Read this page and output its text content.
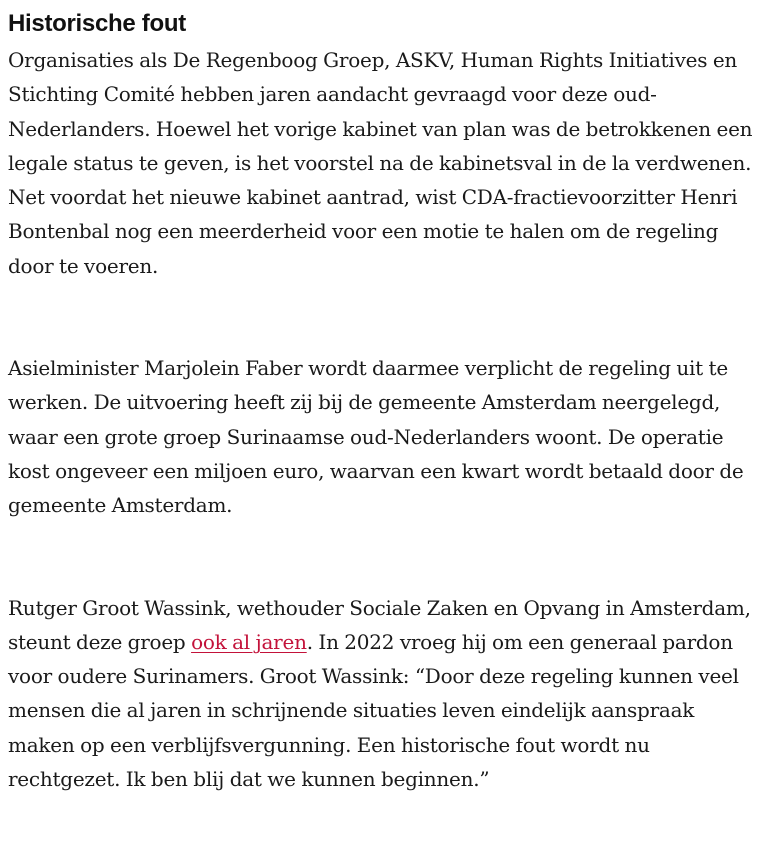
Historische fout

Organisaties als De Regenboog Groep, ASKV, Human Rights Initiatives en Stichting Comité hebben jaren aandacht gevraagd voor deze oud-Nederlanders. Hoewel het vorige kabinet van plan was de betrokkenen een legale status te geven, is het voorstel na de kabinetsval in de la verdwenen. Net voordat het nieuwe kabinet aantrad, wist CDA-fractievoorzitter Henri Bontenbal nog een meerderheid voor een motie te halen om de regeling door te voeren.

Asielminister Marjolein Faber wordt daarmee verplicht de regeling uit te werken. De uitvoering heeft zij bij de gemeente Amsterdam neergelegd, waar een grote groep Surinaamse oud-Nederlanders woont. De operatie kost ongeveer een miljoen euro, waarvan een kwart wordt betaald door de gemeente Amsterdam.

Rutger Groot Wassink, wethouder Sociale Zaken en Opvang in Amsterdam, steunt deze groep ook al jaren. In 2022 vroeg hij om een generaal pardon voor oudere Surinamers. Groot Wassink: “Door deze regeling kunnen veel mensen die al jaren in schrijnende situaties leven eindelijk aanspraak maken op een verblijfsvergunning. Een historische fout wordt nu rechtgezet. Ik ben blij dat we kunnen beginnen.”
